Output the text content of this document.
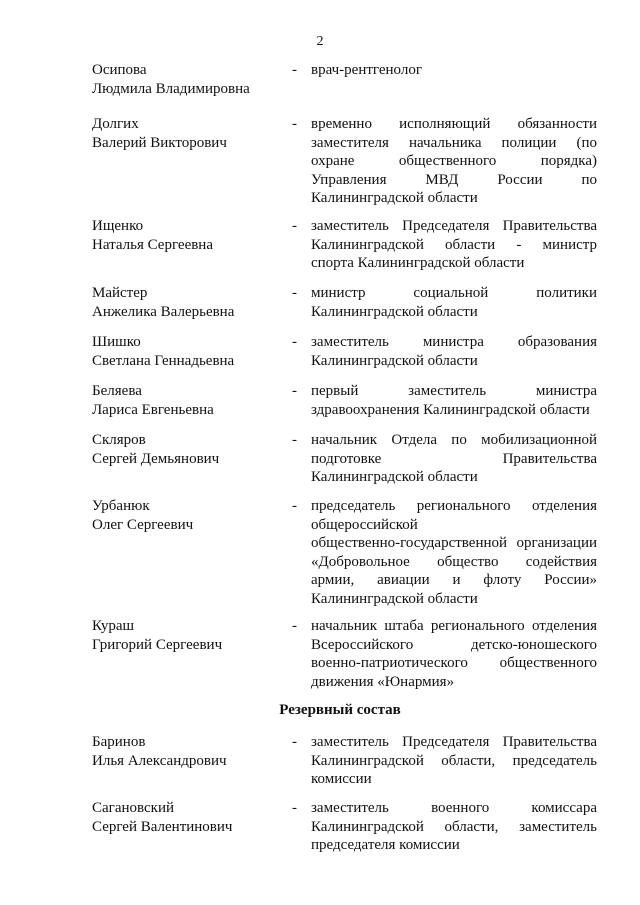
2
Осипова
Людмила Владимировна
- врач-рентгенолог
Долгих
Валерий Викторович
- временно исполняющий обязанности
заместителя начальника полиции (по
охране общественного порядка)
Управления МВД России по
Калининградской области
Ищенко
Наталья Сергеевна
- заместитель Председателя Правительства
Калининградской области - министр
спорта Калининградской области
Майстер
Анжелика Валерьевна
- министр социальной политики
Калининградской области
Шишко
Светлана Геннадьевна
- заместитель министра образования
Калининградской области
Беляева
Лариса Евгеньевна
- первый заместитель министра
здравоохранения Калининградской области
Скляров
Сергей Демьянович
- начальник Отдела по мобилизационной
подготовке Правительства
Калининградской области
Урбанюк
Олег Сергеевич
- председатель регионального отделения
общероссийской
общественно-государственной организации
«Добровольное общество содействия
армии, авиации и флоту России»
Калининградской области
Кураш
Григорий Сергеевич
- начальник штаба регионального отделения
Всероссийского детско-юношеского
военно-патриотического общественного
движения «Юнармия»
Резервный состав
Баринов
Илья Александрович
- заместитель Председателя Правительства
Калининградской области, председатель
комиссии
Сагановский
Сергей Валентинович
- заместитель военного комиссара
Калининградской области, заместитель
председателя комиссии
